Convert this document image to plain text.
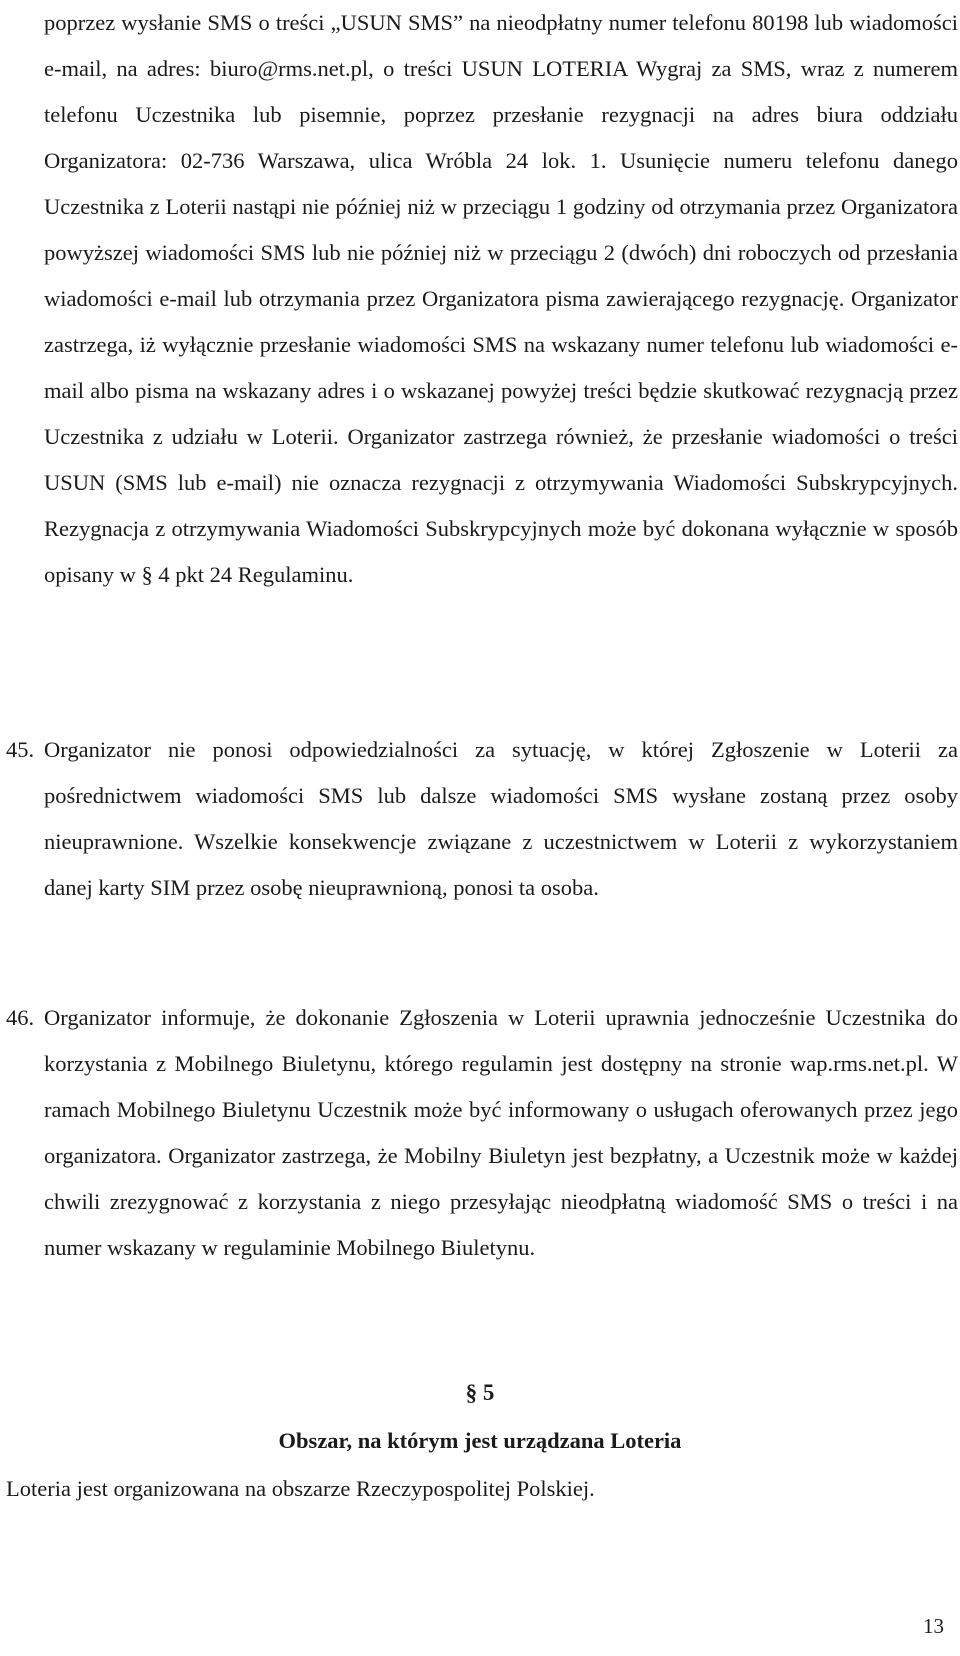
poprzez wysłanie SMS o treści „USUN SMS” na nieodpłatny numer telefonu 80198 lub wiadomości e-mail, na adres: biuro@rms.net.pl, o treści USUN LOTERIA Wygraj za SMS, wraz z numerem telefonu Uczestnika lub pisemnie, poprzez przesłanie rezygnacji na adres biura oddziału Organizatora: 02-736 Warszawa, ulica Wróbla 24 lok. 1. Usunięcie numeru telefonu danego Uczestnika z Loterii nastąpi nie później niż w przeciągu 1 godziny od otrzymania przez Organizatora powyższej wiadomości SMS lub nie później niż w przeciągu 2 (dwóch) dni roboczych od przesłania wiadomości e-mail lub otrzymania przez Organizatora pisma zawierającego rezygnację. Organizator zastrzega, iż wyłącznie przesłanie wiadomości SMS na wskazany numer telefonu lub wiadomości e-mail albo pisma na wskazany adres i o wskazanej powyżej treści będzie skutkować rezygnacją przez Uczestnika z udziału w Loterii. Organizator zastrzega również, że przesłanie wiadomości o treści USUN (SMS lub e-mail) nie oznacza rezygnacji z otrzymywania Wiadomości Subskrypcyjnych. Rezygnacja z otrzymywania Wiadomości Subskrypcyjnych może być dokonana wyłącznie w sposób opisany w § 4 pkt 24 Regulaminu.

45. Organizator nie ponosi odpowiedzialności za sytuację, w której Zgłoszenie w Loterii za pośrednictwem wiadomości SMS lub dalsze wiadomości SMS wysłane zostaną przez osoby nieuprawnione. Wszelkie konsekwencje związane z uczestnictwem w Loterii z wykorzystaniem danej karty SIM przez osobę nieuprawnioną, ponosi ta osoba.

46. Organizator informuje, że dokonanie Zgłoszenia w Loterii uprawnia jednocześnie Uczestnika do korzystania z Mobilnego Biuletynu, którego regulamin jest dostępny na stronie wap.rms.net.pl. W ramach Mobilnego Biuletynu Uczestnik może być informowany o usługach oferowanych przez jego organizatora. Organizator zastrzega, że Mobilny Biuletyn jest bezpłatny, a Uczestnik może w każdej chwili zrezygnować z korzystania z niego przesyłając nieodpłatną wiadomość SMS o treści i na numer wskazany w regulaminie Mobilnego Biuletynu.

§ 5
Obszar, na którym jest urządzana Loteria
Loteria jest organizowana na obszarze Rzeczypospolitej Polskiej.
13
